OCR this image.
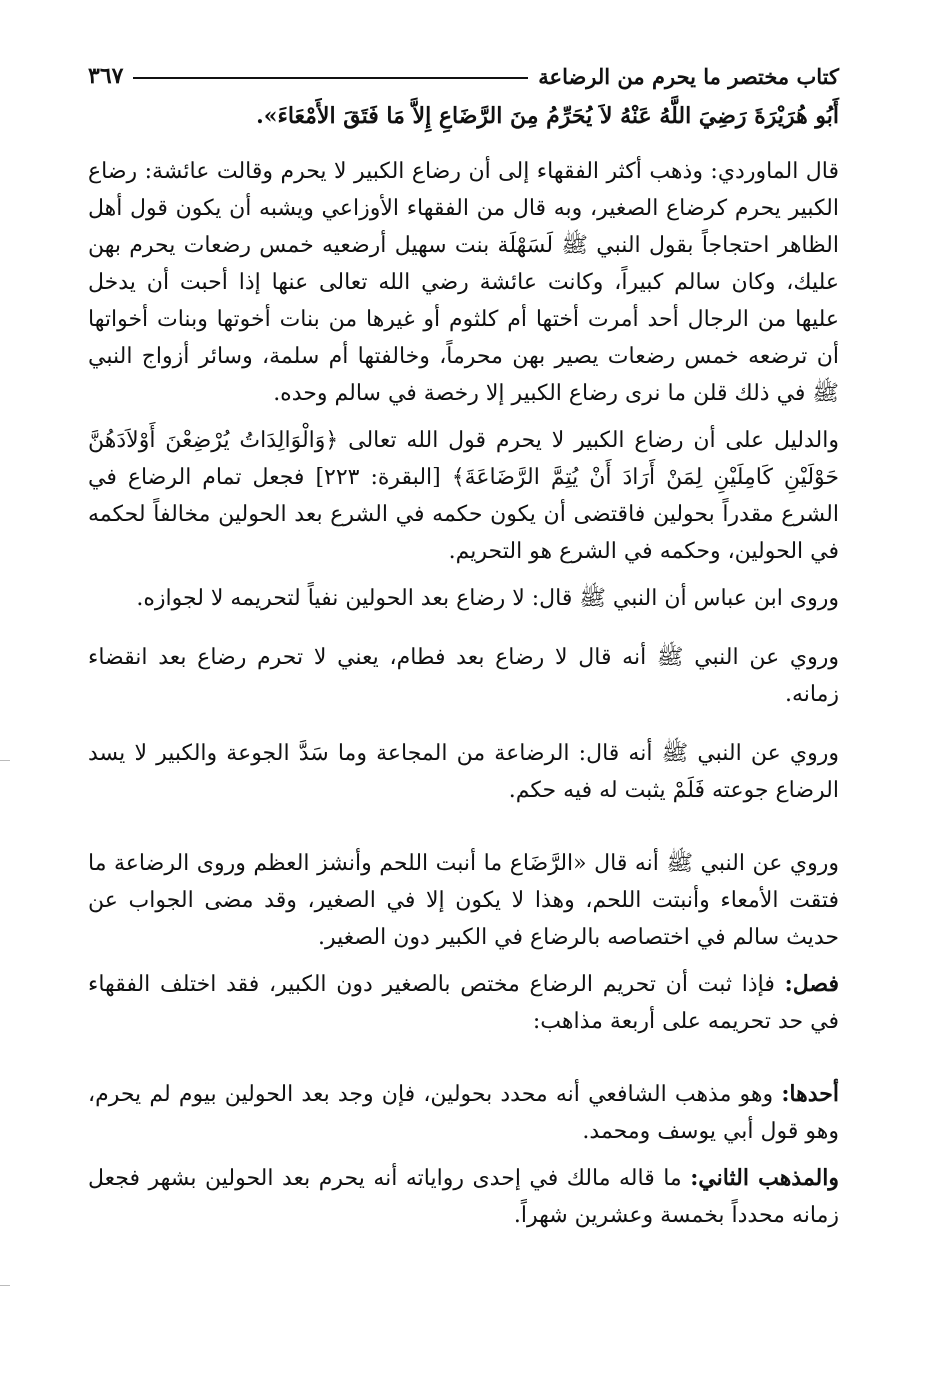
كتاب مختصر ما يحرم من الرضاعة
٣٦٧

أَبُو هُرَيْرَةَ رَضِيَ اللَّهُ عَنْهُ لاَ يُحَرِّمُ مِنَ الرَّضَاعِ إِلاَّ مَا فَتَقَ الأَمْعَاءَ».

قال الماوردي: وذهب أكثر الفقهاء إلى أن رضاع الكبير لا يحرم وقالت عائشة: رضاع الكبير يحرم كرضاع الصغير، وبه قال من الفقهاء الأوزاعي ويشبه أن يكون قول أهل الظاهر احتجاجاً بقول النبي ﷺ لَسَهْلَة بنت سهيل أرضعيه خمس رضعات يحرم بهن عليك، وكان سالم كبيراً، وكانت عائشة رضي الله تعالى عنها إذا أحبت أن يدخل عليها من الرجال أحد أمرت أختها أم كلثوم أو غيرها من بنات أخوتها وبنات أخواتها أن ترضعه خمس رضعات يصير بهن محرماً، وخالفتها أم سلمة، وسائر أزواج النبي ﷺ في ذلك قلن ما نرى رضاع الكبير إلا رخصة في سالم وحده.

والدليل على أن رضاع الكبير لا يحرم قول الله تعالى ﴿وَالْوَالِدَاتُ يُرْضِعْنَ أَوْلاَدَهُنَّ حَوْلَيْنِ كَامِلَيْنِ لِمَنْ أَرَادَ أَنْ يُتِمَّ الرَّضَاعَةَ﴾ [البقرة: ٢٢٣] فجعل تمام الرضاع في الشرع مقدراً بحولين فاقتضى أن يكون حكمه في الشرع بعد الحولين مخالفاً لحكمه في الحولين، وحكمه في الشرع هو التحريم.

وروى ابن عباس أن النبي ﷺ قال: لا رضاع بعد الحولين نفياً لتحريمه لا لجوازه.

وروي عن النبي ﷺ أنه قال لا رضاع بعد فطام، يعني لا تحرم رضاع بعد انقضاء زمانه.

وروي عن النبي ﷺ أنه قال: الرضاعة من المجاعة وما سَدَّ الجوعة والكبير لا يسد الرضاع جوعته فَلَمْ يثبت له فيه حكم.

وروي عن النبي ﷺ أنه قال «الرَّضَاع ما أنبت اللحم وأنشز العظم وروى الرضاعة ما فتقت الأمعاء وأنبتت اللحم، وهذا لا يكون إلا في الصغير، وقد مضى الجواب عن حديث سالم في اختصاصه بالرضاع في الكبير دون الصغير.

فصل: فإذا ثبت أن تحريم الرضاع مختص بالصغير دون الكبير، فقد اختلف الفقهاء في حد تحريمه على أربعة مذاهب:

أحدها: وهو مذهب الشافعي أنه محدد بحولين، فإن وجد بعد الحولين بيوم لم يحرم، وهو قول أبي يوسف ومحمد.

والمذهب الثاني: ما قاله مالك في إحدى رواياته أنه يحرم بعد الحولين بشهر فجعل زمانه محدداً بخمسة وعشرين شهراً.
